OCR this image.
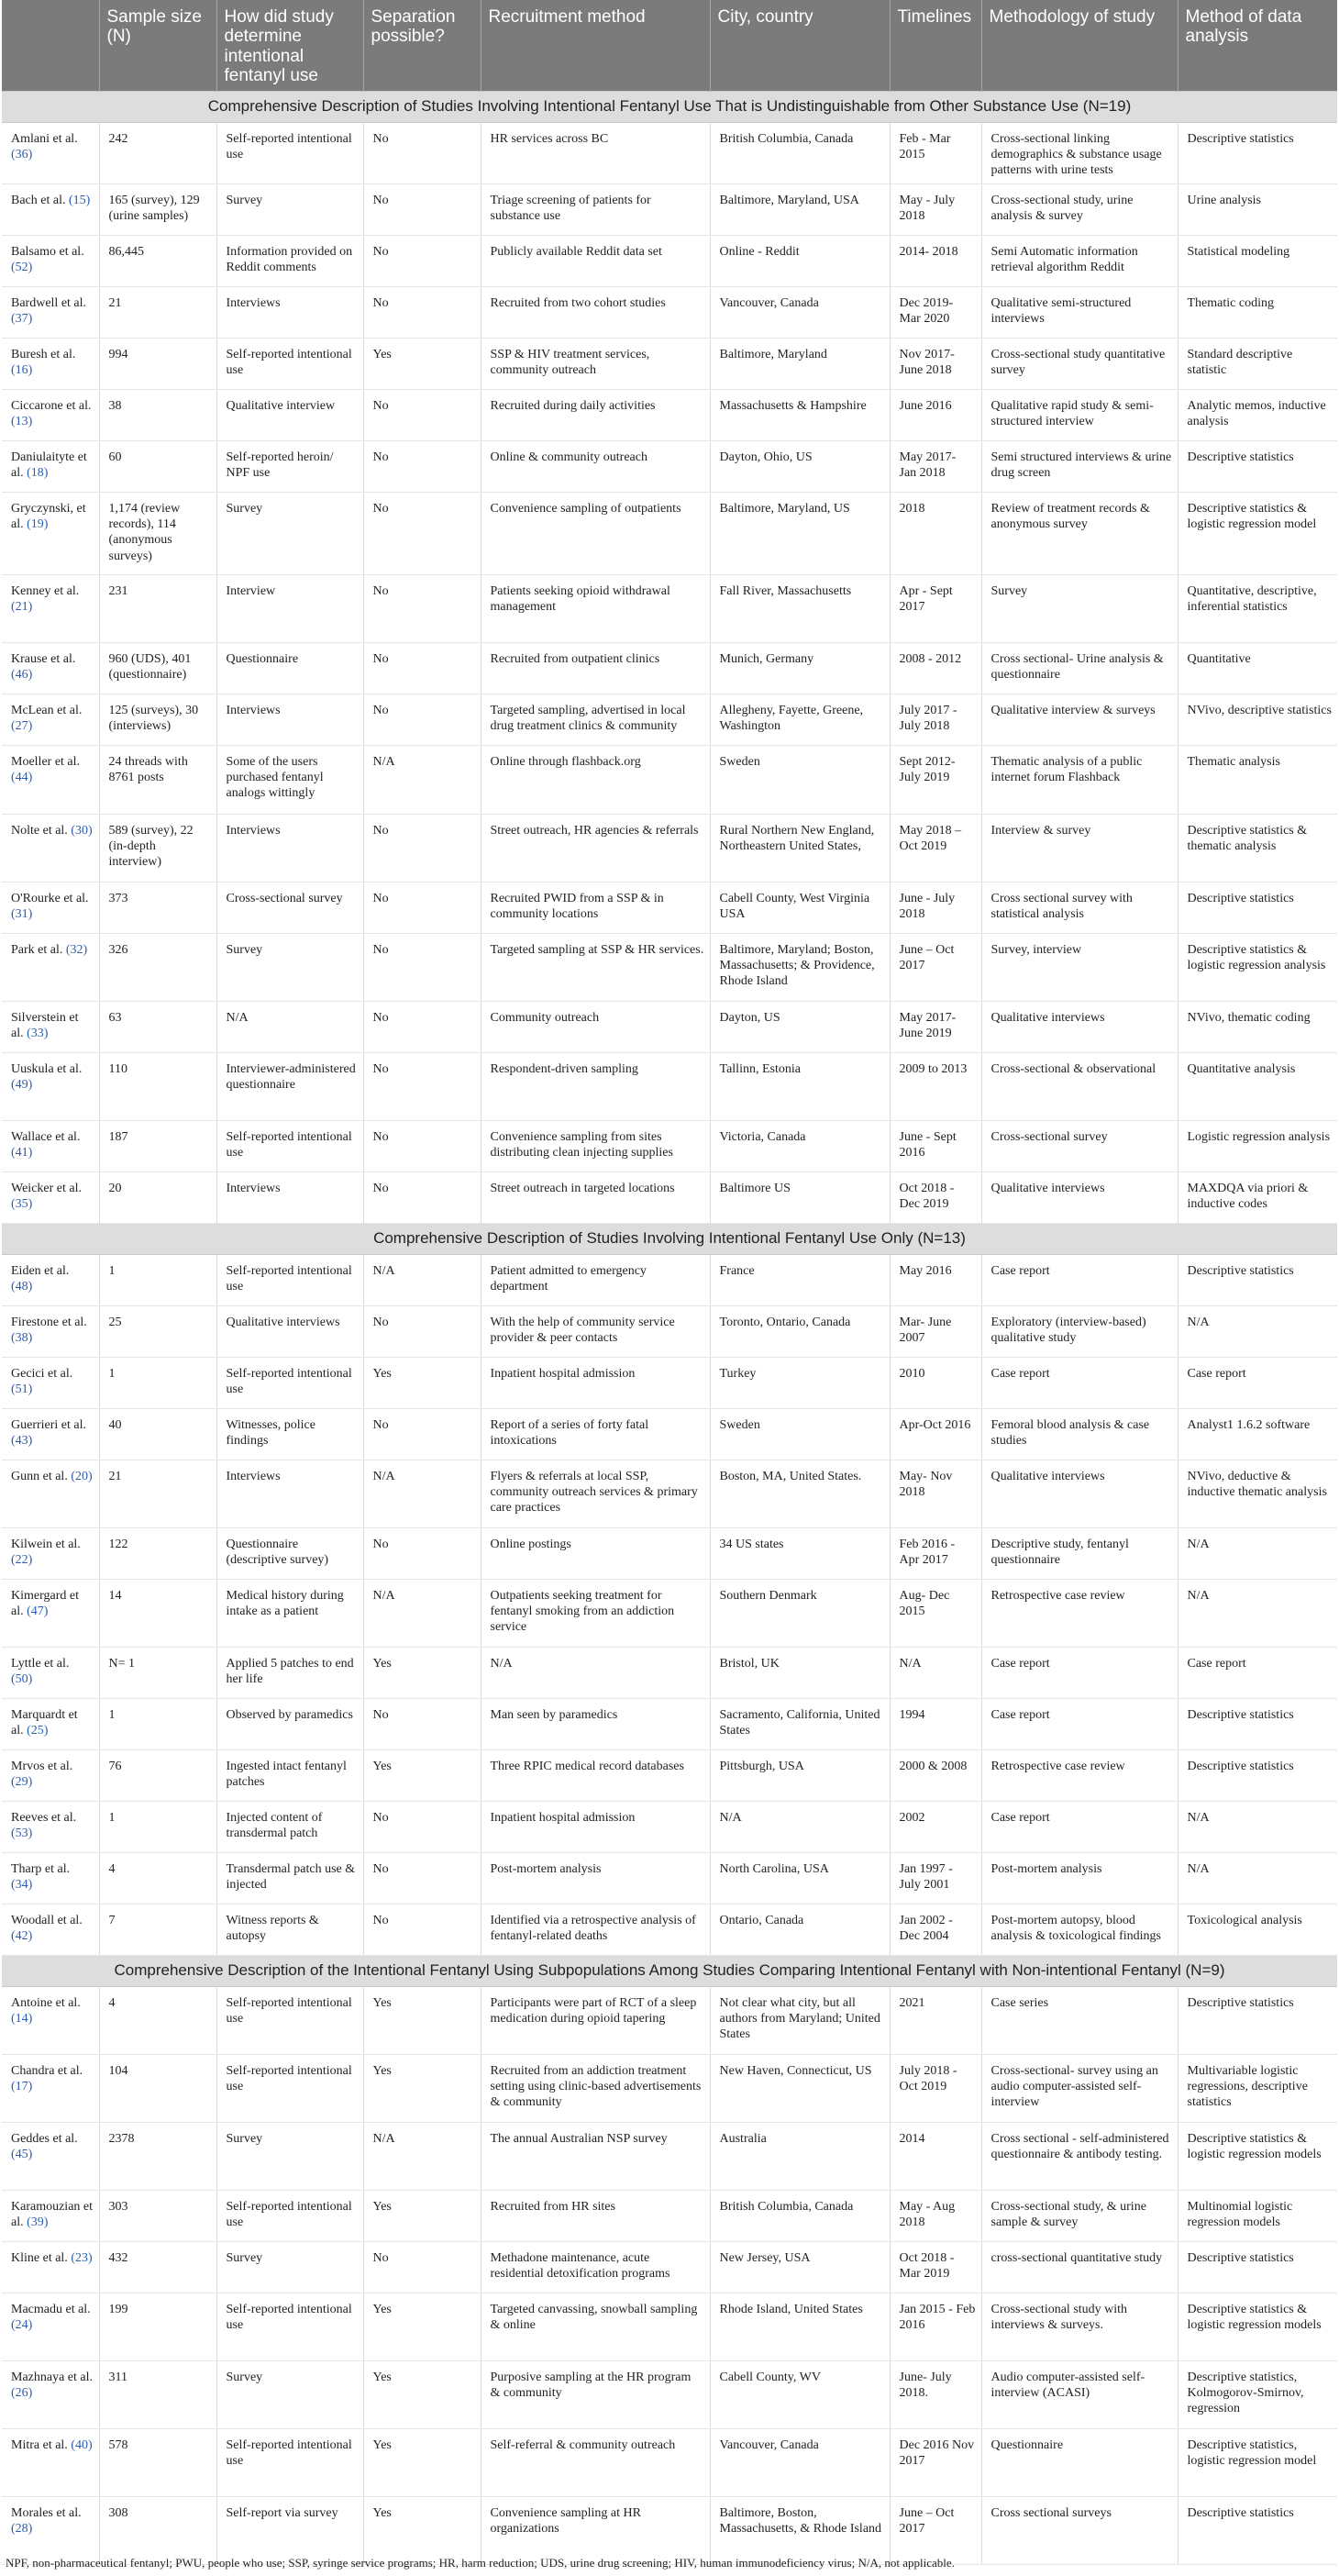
	Sample size (N)	How did study determine intentional fentanyl use	Separation possible?	Recruitment method	City, country	Timelines	Methodology of study	Method of data analysis
Comprehensive Description of Studies Involving Intentional Fentanyl Use That is Undistinguishable from Other Substance Use (N=19)								
Amlani et al. (36)	242	Self-reported intentional use	No	HR services across BC	British Columbia, Canada	Feb - Mar 2015	Cross-sectional linking demographics & substance usage patterns with urine tests	Descriptive statistics
Bach et al. (15)	165 (survey), 129 (urine samples)	Survey	No	Triage screening of patients for substance use	Baltimore, Maryland, USA	May - July 2018	Cross-sectional study, urine analysis & survey	Urine analysis
Balsamo et al. (52)	86,445	Information provided on Reddit comments	No	Publicly available Reddit data set	Online - Reddit	2014- 2018	Semi Automatic information retrieval algorithm Reddit	Statistical modeling
Bardwell et al. (37)	21	Interviews	No	Recruited from two cohort studies	Vancouver, Canada	Dec 2019- Mar 2020	Qualitative semi-structured interviews	Thematic coding
Buresh et al. (16)	994	Self-reported intentional use	Yes	SSP & HIV treatment services, community outreach	Baltimore, Maryland	Nov 2017- June 2018	Cross-sectional study quantitative survey	Standard descriptive statistic
Ciccarone et al. (13)	38	Qualitative interview	No	Recruited during daily activities	Massachusetts & Hampshire	June 2016	Qualitative rapid study & semi-structured interview	Analytic memos, inductive analysis
Daniulaityte et al. (18)	60	Self-reported heroin/ NPF use	No	Online & community outreach	Dayton, Ohio, US	May 2017- Jan 2018	Semi structured interviews & urine drug screen	Descriptive statistics
Gryczynski, et al. (19)	1,174 (review records), 114 (anonymous surveys)	Survey	No	Convenience sampling of outpatients	Baltimore, Maryland, US	2018	Review of treatment records & anonymous survey	Descriptive statistics & logistic regression model
Kenney et al. (21)	231	Interview	No	Patients seeking opioid withdrawal management	Fall River, Massachusetts	Apr - Sept 2017	Survey	Quantitative, descriptive, inferential statistics
Krause et al. (46)	960 (UDS), 401 (questionnaire)	Questionnaire	No	Recruited from outpatient clinics	Munich, Germany	2008 - 2012	Cross sectional- Urine analysis & questionnaire	Quantitative
McLean et al. (27)	125 (surveys), 30 (interviews)	Interviews	No	Targeted sampling, advertised in local drug treatment clinics & community	Allegheny, Fayette, Greene, Washington	July 2017 - July 2018	Qualitative interview & surveys	NVivo, descriptive statistics
Moeller et al. (44)	24 threads with 8761 posts	Some of the users purchased fentanyl analogs wittingly	N/A	Online through flashback.org	Sweden	Sept 2012- July 2019	Thematic analysis of a public internet forum Flashback	Thematic analysis
Nolte et al. (30)	589 (survey), 22 (in-depth interview)	Interviews	No	Street outreach, HR agencies & referrals	Rural Northern New England, Northeastern United States,	May 2018 – Oct 2019	Interview & survey	Descriptive statistics & thematic analysis
O'Rourke et al. (31)	373	Cross-sectional survey	No	Recruited PWID from a SSP & in community locations	Cabell County, West Virginia USA	June - July 2018	Cross sectional survey with statistical analysis	Descriptive statistics
Park et al. (32)	326	Survey	No	Targeted sampling at SSP & HR services.	Baltimore, Maryland; Boston, Massachusetts; & Providence, Rhode Island	June – Oct 2017	Survey, interview	Descriptive statistics & logistic regression analysis
Silverstein et al. (33)	63	N/A	No	Community outreach	Dayton, US	May 2017- June 2019	Qualitative interviews	NVivo, thematic coding
Uuskula et al. (49)	110	Interviewer-administered questionnaire	No	Respondent-driven sampling	Tallinn, Estonia	2009 to 2013	Cross-sectional & observational	Quantitative analysis
Wallace et al. (41)	187	Self-reported intentional use	No	Convenience sampling from sites distributing clean injecting supplies	Victoria, Canada	June - Sept 2016	Cross-sectional survey	Logistic regression analysis
Weicker et al. (35)	20	Interviews	No	Street outreach in targeted locations	Baltimore US	Oct 2018 - Dec 2019	Qualitative interviews	MAXDQA via priori & inductive codes
Comprehensive Description of Studies Involving Intentional Fentanyl Use Only (N=13)								
Eiden et al. (48)	1	Self-reported intentional use	N/A	Patient admitted to emergency department	France	May 2016	Case report	Descriptive statistics
Firestone et al. (38)	25	Qualitative interviews	No	With the help of community service provider & peer contacts	Toronto, Ontario, Canada	Mar- June 2007	Exploratory (interview-based) qualitative study	N/A
Gecici et al. (51)	1	Self-reported intentional use	Yes	Inpatient hospital admission	Turkey	2010	Case report	Case report
Guerrieri et al. (43)	40	Witnesses, police findings	No	Report of a series of forty fatal intoxications	Sweden	Apr-Oct 2016	Femoral blood analysis & case studies	Analyst1 1.6.2 software
Gunn et al. (20)	21	Interviews	N/A	Flyers & referrals at local SSP, community outreach services & primary care practices	Boston, MA, United States.	May- Nov 2018	Qualitative interviews	NVivo, deductive & inductive thematic analysis
Kilwein et al. (22)	122	Questionnaire (descriptive survey)	No	Online postings	34 US states	Feb 2016 - Apr 2017	Descriptive study, fentanyl questionnaire	N/A
Kimergard et al. (47)	14	Medical history during intake as a patient	N/A	Outpatients seeking treatment for fentanyl smoking from an addiction service	Southern Denmark	Aug- Dec 2015	Retrospective case review	N/A
Lyttle et al. (50)	N= 1	Applied 5 patches to end her life	Yes	N/A	Bristol, UK	N/A	Case report	Case report
Marquardt et al. (25)	1	Observed by paramedics	No	Man seen by paramedics	Sacramento, California, United States	1994	Case report	Descriptive statistics
Mrvos et al. (29)	76	Ingested intact fentanyl patches	Yes	Three RPIC medical record databases	Pittsburgh, USA	2000 & 2008	Retrospective case review	Descriptive statistics
Reeves et al. (53)	1	Injected content of transdermal patch	No	Inpatient hospital admission	N/A	2002	Case report	N/A
Tharp et al. (34)	4	Transdermal patch use & injected	No	Post-mortem analysis	North Carolina, USA	Jan 1997 - July 2001	Post-mortem analysis	N/A
Woodall et al. (42)	7	Witness reports & autopsy	No	Identified via a retrospective analysis of fentanyl-related deaths	Ontario, Canada	Jan 2002 - Dec 2004	Post-mortem autopsy, blood analysis & toxicological findings	Toxicological analysis
Comprehensive Description of the Intentional Fentanyl Using Subpopulations Among Studies Comparing Intentional Fentanyl with Non-intentional Fentanyl (N=9)								
Antoine et al. (14)	4	Self-reported intentional use	Yes	Participants were part of RCT of a sleep medication during opioid tapering	Not clear what city, but all authors from Maryland; United States	2021	Case series	Descriptive statistics
Chandra et al. (17)	104	Self-reported intentional use	Yes	Recruited from an addiction treatment setting using clinic-based advertisements & community	New Haven, Connecticut, US	July 2018 - Oct 2019	Cross-sectional- survey using an audio computer-assisted self-interview	Multivariable logistic regressions, descriptive statistics
Geddes et al. (45)	2378	Survey	N/A	The annual Australian NSP survey	Australia	2014	Cross sectional - self-administered questionnaire & antibody testing.	Descriptive statistics & logistic regression models
Karamouzian et al. (39)	303	Self-reported intentional use	Yes	Recruited from HR sites	British Columbia, Canada	May - Aug 2018	Cross-sectional study, & urine sample & survey	Multinomial logistic regression models
Kline et al. (23)	432	Survey	No	Methadone maintenance, acute residential detoxification programs	New Jersey, USA	Oct 2018 - Mar 2019	cross-sectional quantitative study	Descriptive statistics
Macmadu et al. (24)	199	Self-reported intentional use	Yes	Targeted canvassing, snowball sampling & online	Rhode Island, United States	Jan 2015 - Feb 2016	Cross-sectional study with interviews & surveys.	Descriptive statistics & logistic regression models
Mazhnaya et al. (26)	311	Survey	Yes	Purposive sampling at the HR program & community	Cabell County, WV	June- July 2018.	Audio computer-assisted self-interview (ACASI)	Descriptive statistics, Kolmogorov-Smirnov, regression
Mitra et al. (40)	578	Self-reported intentional use	Yes	Self-referral & community outreach	Vancouver, Canada	Dec 2016 Nov 2017	Questionnaire	Descriptive statistics, logistic regression model
Morales et al. (28)	308	Self-report via survey	Yes	Convenience sampling at HR organizations	Baltimore, Boston, Massachusetts, & Rhode Island	June – Oct 2017	Cross sectional surveys	Descriptive statistics
NPF, non-pharmaceutical fentanyl; PWU, people who use; SSP, syringe service programs; HR, harm reduction; UDS, urine drug screening; HIV, human immunodeficiency virus; N/A, not applicable.
